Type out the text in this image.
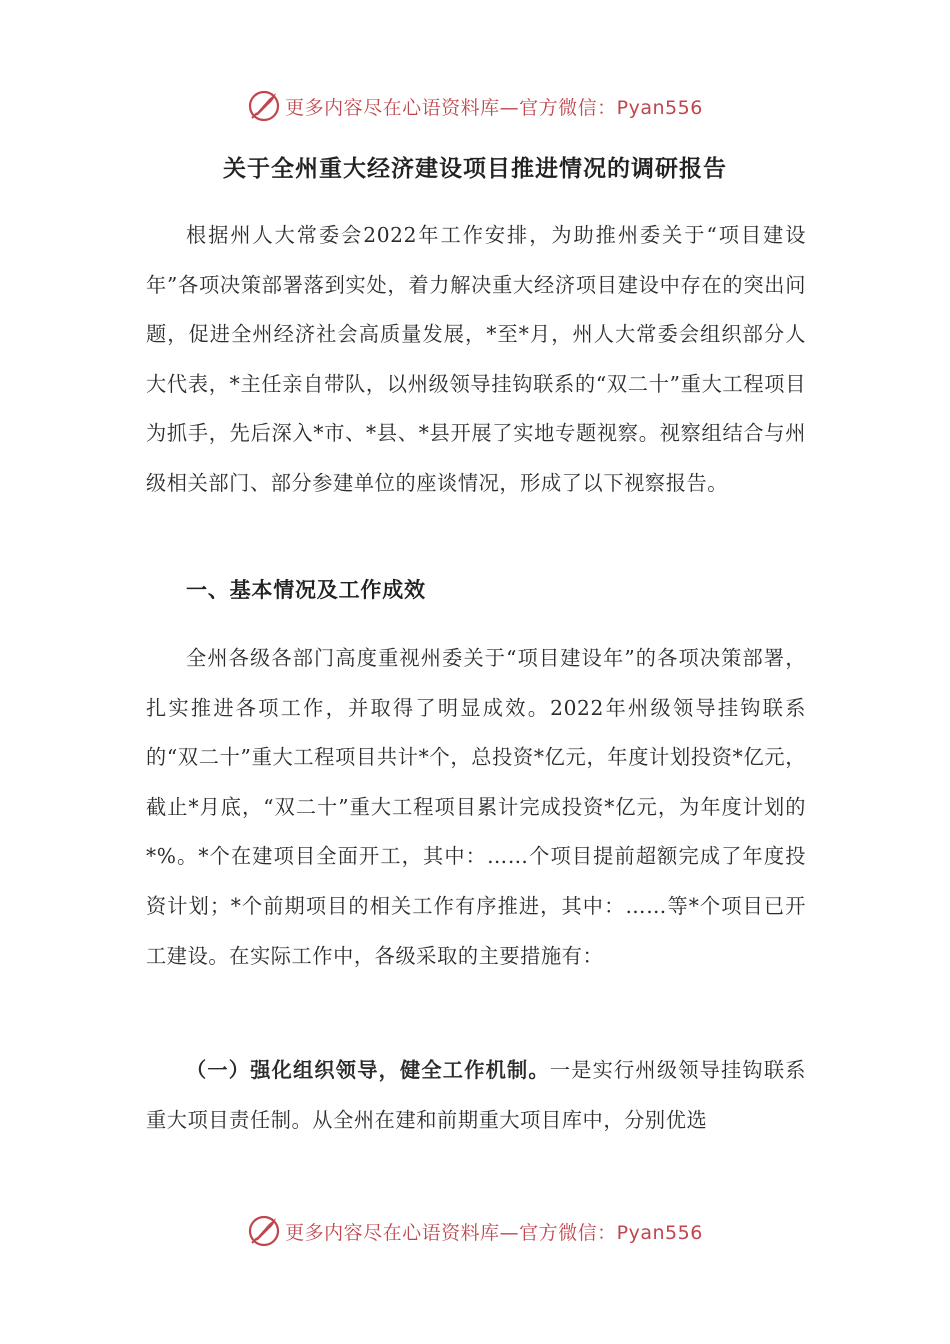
更多内容尽在心语资料库—官方微信：Pyan556
关于全州重大经济建设项目推进情况的调研报告

根据州人大常委会2022年工作安排，为助推州委关于“项目建设年”各项决策部署落到实处，着力解决重大经济项目建设中存在的突出问题，促进全州经济社会高质量发展，*至*月，州人大常委会组织部分人大代表，*主任亲自带队，以州级领导挂钩联系的“双二十”重大工程项目为抓手，先后深入*市、*县、*县开展了实地专题视察。视察组结合与州级相关部门、部分参建单位的座谈情况，形成了以下视察报告。

一、基本情况及工作成效

全州各级各部门高度重视州委关于“项目建设年”的各项决策部署，扎实推进各项工作，并取得了明显成效。2022年州级领导挂钩联系的“双二十”重大工程项目共计*个，总投资*亿元，年度计划投资*亿元，截止*月底，“双二十”重大工程项目累计完成投资*亿元，为年度计划的*%。*个在建项目全面开工，其中：……个项目提前超额完成了年度投资计划；*个前期项目的相关工作有序推进，其中：……等*个项目已开工建设。在实际工作中，各级采取的主要措施有：

（一）强化组织领导，健全工作机制。一是实行州级领导挂钩联系重大项目责任制。从全州在建和前期重大项目库中，分别优选

更多内容尽在心语资料库—官方微信：Pyan556
